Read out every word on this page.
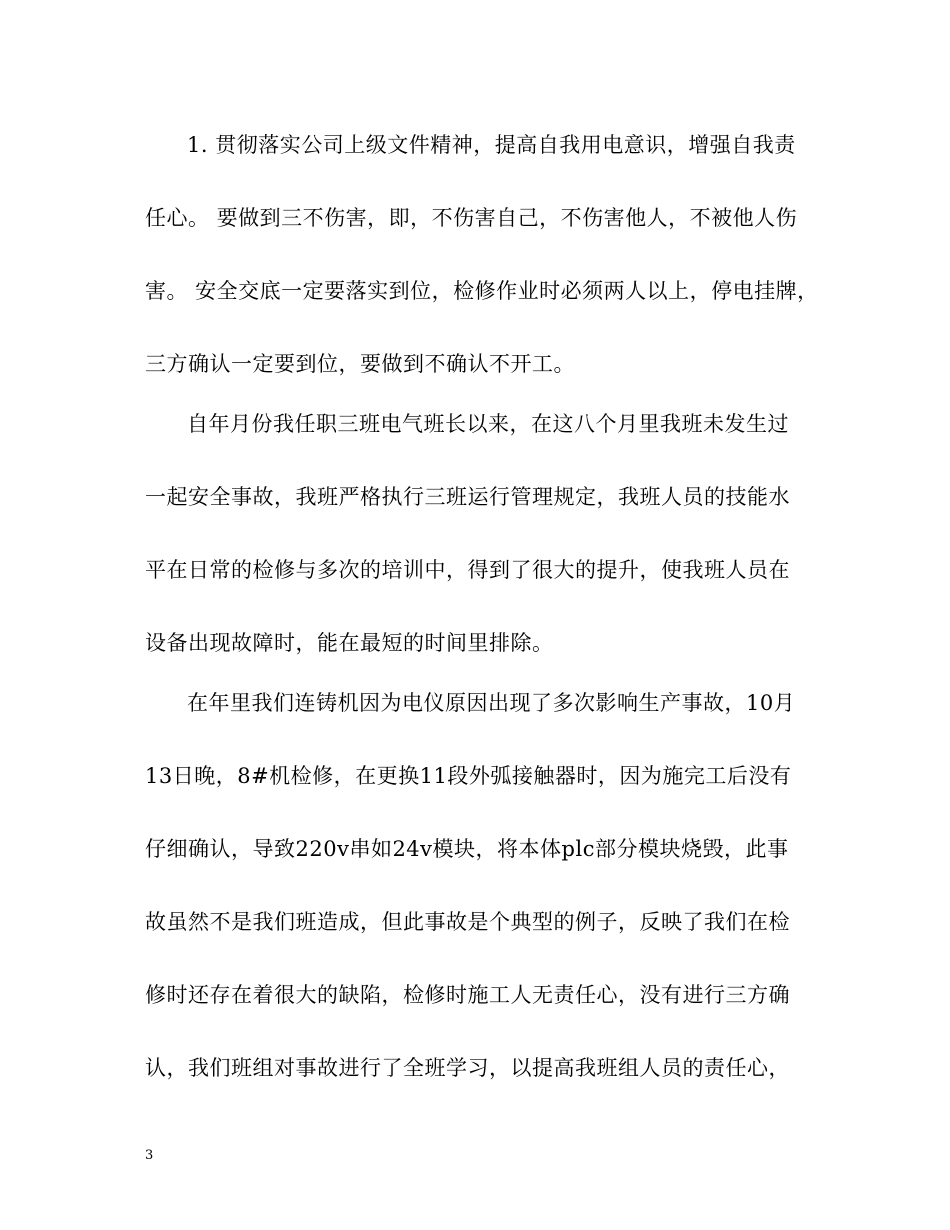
1. 贯彻落实公司上级文件精神，提高自我用电意识，增强自我责
任心。 要做到三不伤害，即，不伤害自己，不伤害他人，不被他人伤
害。 安全交底一定要落实到位，检修作业时必须两人以上，停电挂牌，
三方确认一定要到位，要做到不确认不开工。
自年月份我任职三班电气班长以来，在这八个月里我班未发生过
一起安全事故，我班严格执行三班运行管理规定，我班人员的技能水
平在日常的检修与多次的培训中，得到了很大的提升，使我班人员在
设备出现故障时，能在最短的时间里排除。
在年里我们连铸机因为电仪原因出现了多次影响生产事故，10月
13日晚，8#机检修，在更换11段外弧接触器时，因为施完工后没有
仔细确认，导致220v串如24v模块，将本体plc部分模块烧毁，此事
故虽然不是我们班造成，但此事故是个典型的例子，反映了我们在检
修时还存在着很大的缺陷，检修时施工人无责任心，没有进行三方确
认，我们班组对事故进行了全班学习，以提高我班组人员的责任心，
3
